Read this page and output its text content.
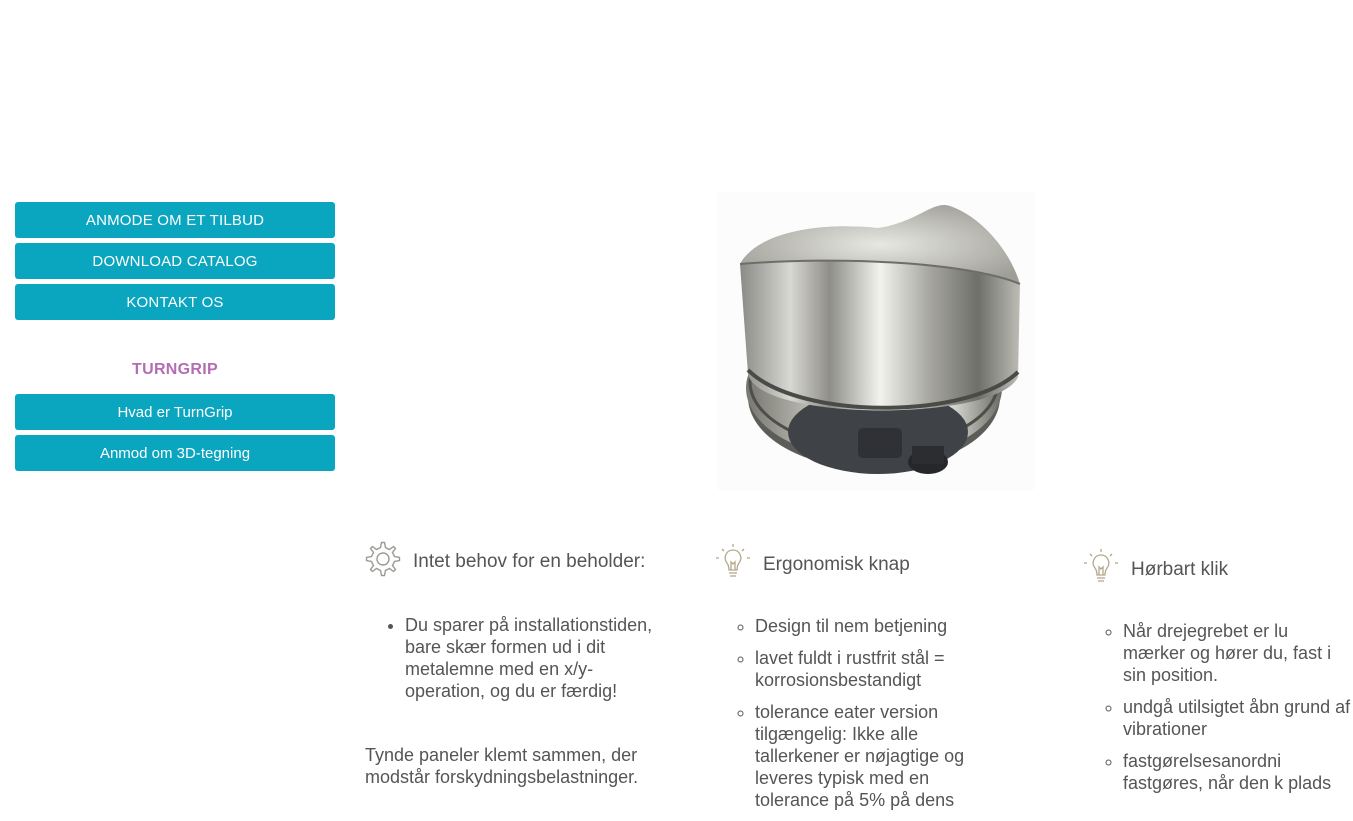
ANMODE OM ET TILBUD
DOWNLOAD CATALOG
KONTAKT OS
TURNGRIP
Hvad er TurnGrip
Anmod om 3D-tegning
Intet behov for en beholder:
• Du sparer på installationstiden, bare skær formen ud i dit metalemne med en x/y-operation, og du er færdig!

Tynde paneler klemt sammen, der modstår forskydningsbelastninger.

Ergonomisk knap
◦ Design til nem betjening
◦ lavet fuldt i rustfrit stål = korrosionsbestandigt
◦ tolerance eater version tilgængelig: Ikke alle tallerkener er nøjagtige og leveres typisk med en tolerance på 5% på dens
Hørbart klik
◦ Når drejegrebet er lu mærker og hører du, fast i sin position.
◦ undgå utilsigtet åbn grund af vibrationer
◦ fastgørelsesanordni fastgøres, når den k plads
